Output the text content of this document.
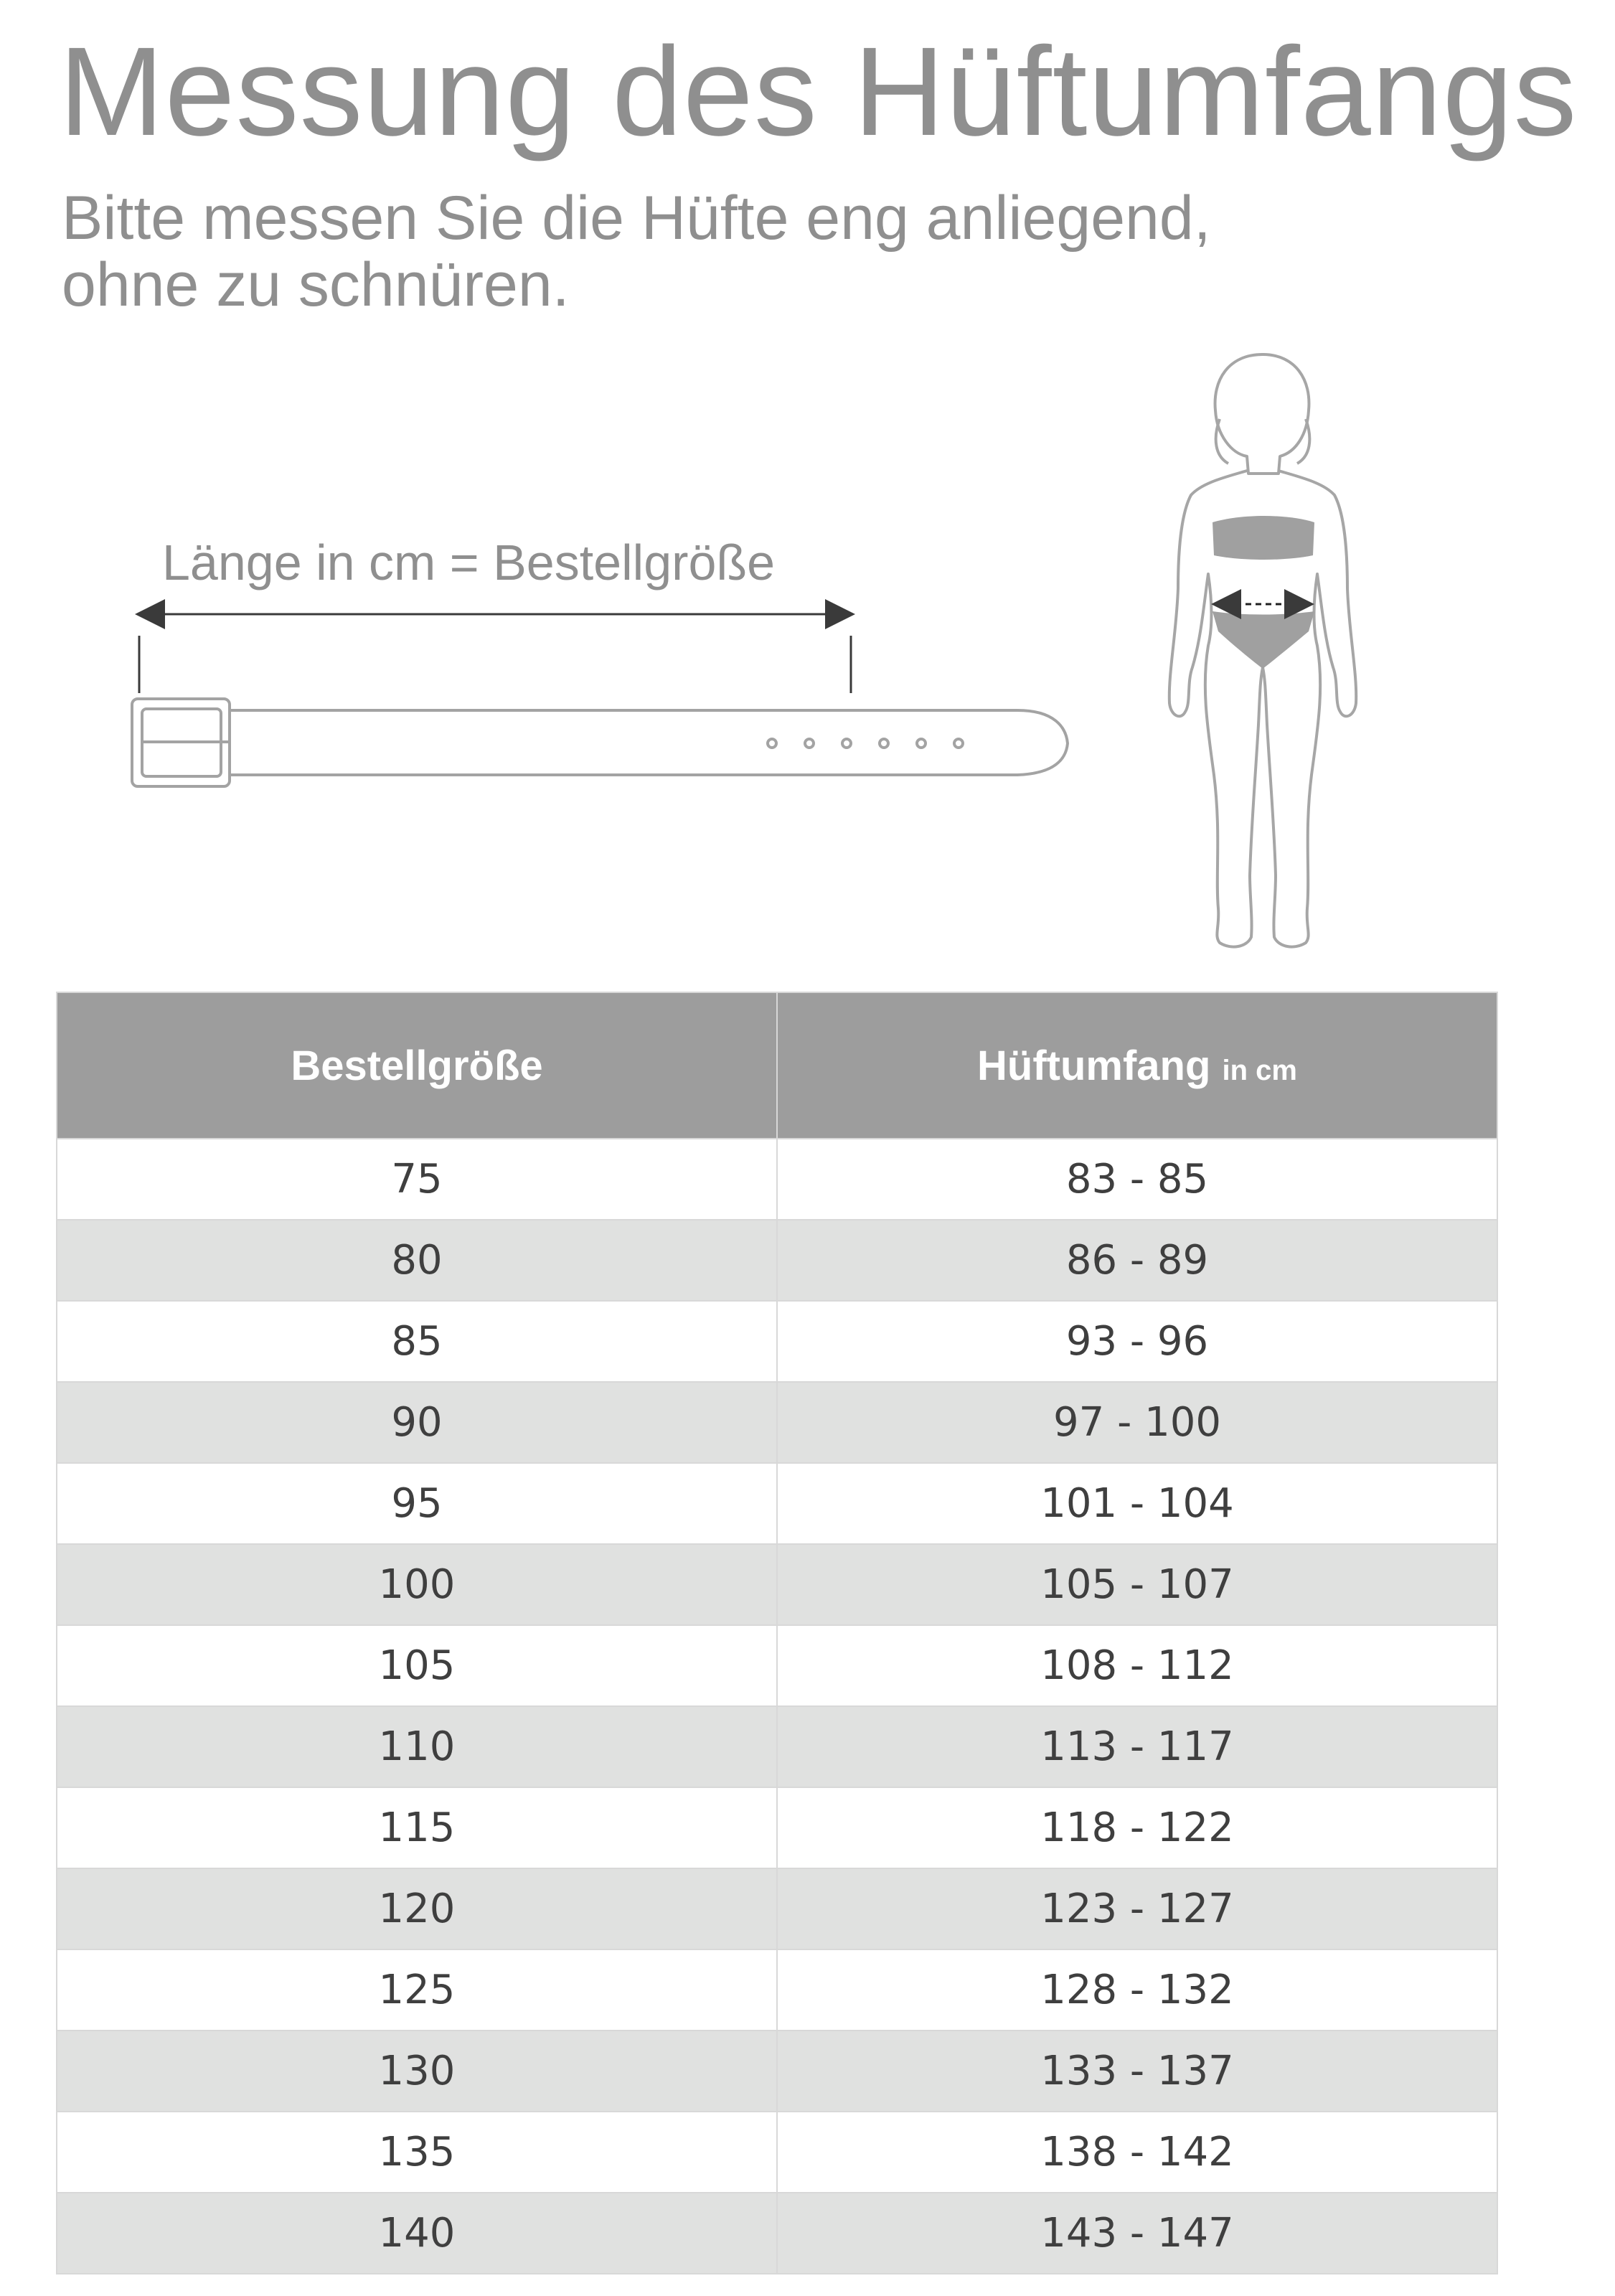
Messung des Hüftumfangs
Bitte messen Sie die Hüfte eng anliegend,
ohne zu schnüren.
Länge in cm = Bestellgröße
Bestellgröße	Hüftumfang in cm
75	83 - 85
80	86 - 89
85	93 - 96
90	97 - 100
95	101 - 104
100	105 - 107
105	108 - 112
110	113 - 117
115	118 - 122
120	123 - 127
125	128 - 132
130	133 - 137
135	138 - 142
140	143 - 147
